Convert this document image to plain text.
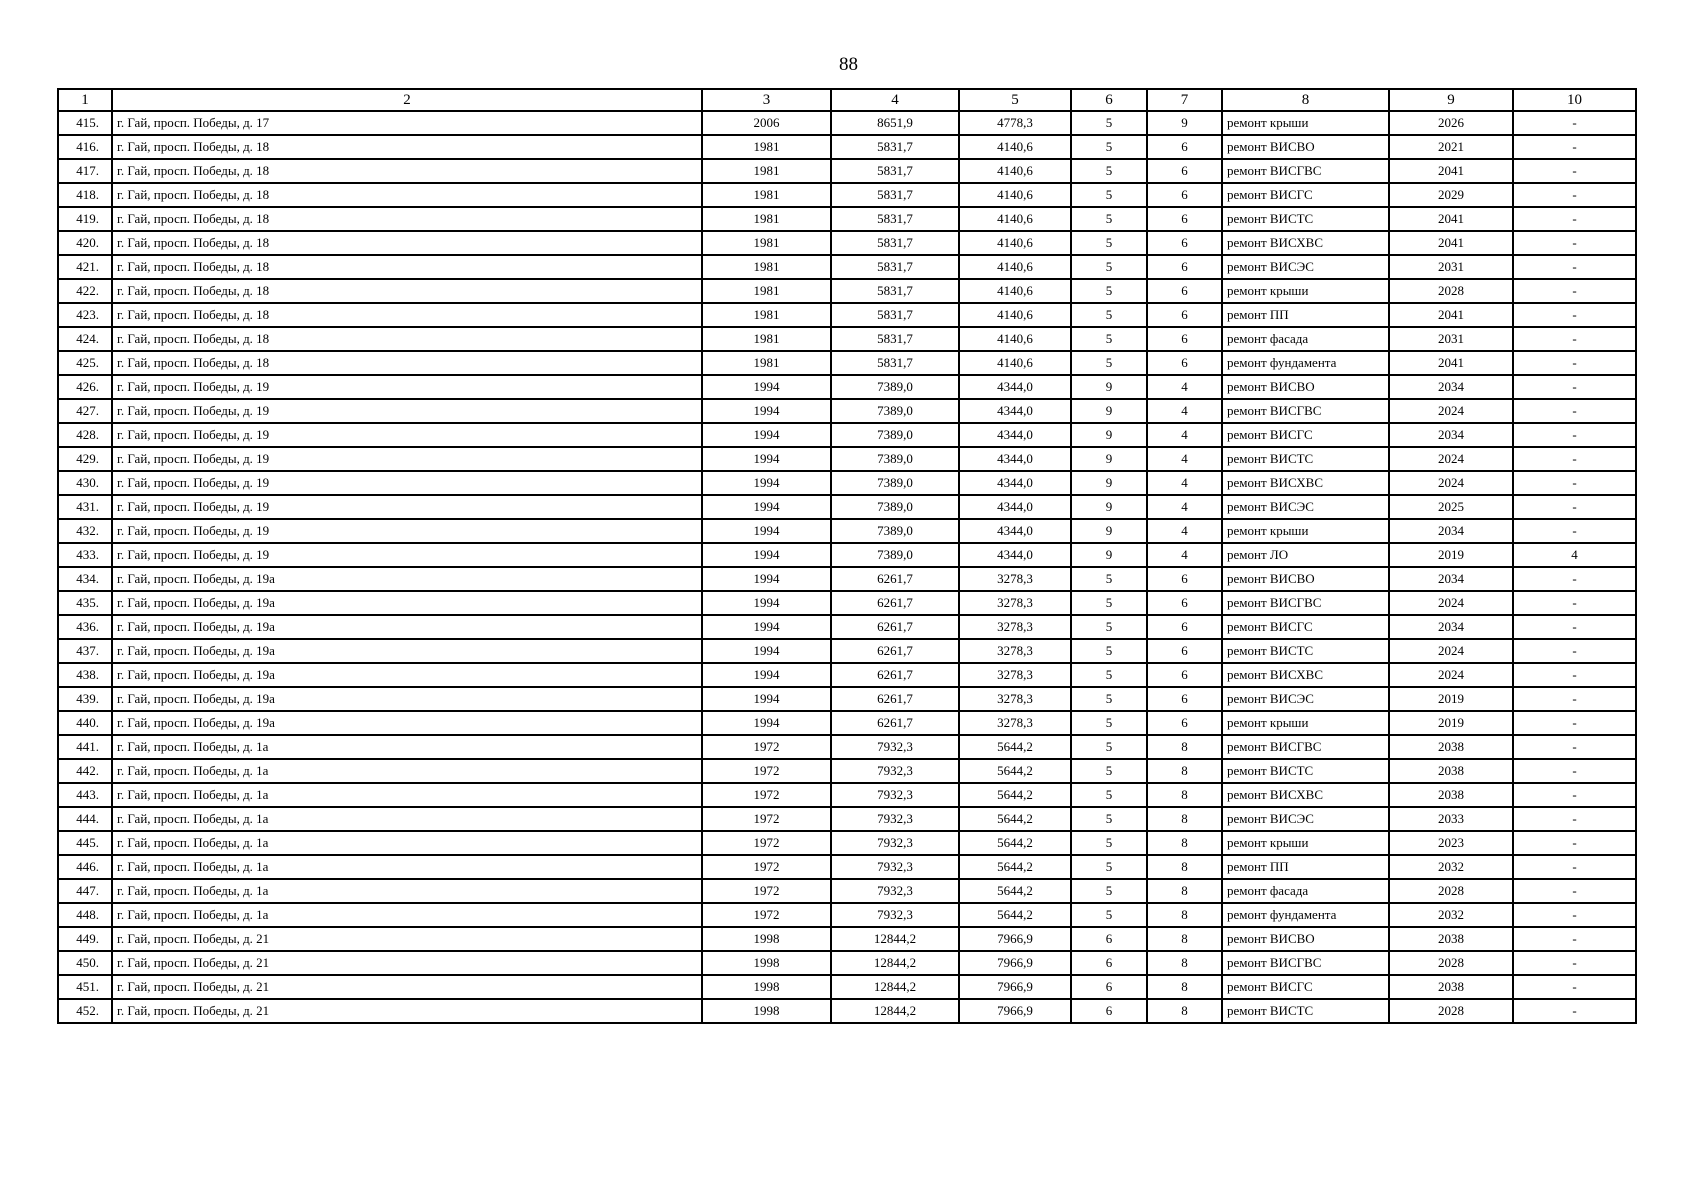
88
1	2	3	4	5	6	7	8	9	10
415.	г. Гай, просп. Победы, д. 17	2006	8651,9	4778,3	5	9	ремонт крыши	2026	-
416.	г. Гай, просп. Победы, д. 18	1981	5831,7	4140,6	5	6	ремонт ВИСВО	2021	-
417.	г. Гай, просп. Победы, д. 18	1981	5831,7	4140,6	5	6	ремонт ВИСГВС	2041	-
418.	г. Гай, просп. Победы, д. 18	1981	5831,7	4140,6	5	6	ремонт ВИСГС	2029	-
419.	г. Гай, просп. Победы, д. 18	1981	5831,7	4140,6	5	6	ремонт ВИСТС	2041	-
420.	г. Гай, просп. Победы, д. 18	1981	5831,7	4140,6	5	6	ремонт ВИСХВС	2041	-
421.	г. Гай, просп. Победы, д. 18	1981	5831,7	4140,6	5	6	ремонт ВИСЭС	2031	-
422.	г. Гай, просп. Победы, д. 18	1981	5831,7	4140,6	5	6	ремонт крыши	2028	-
423.	г. Гай, просп. Победы, д. 18	1981	5831,7	4140,6	5	6	ремонт ПП	2041	-
424.	г. Гай, просп. Победы, д. 18	1981	5831,7	4140,6	5	6	ремонт фасада	2031	-
425.	г. Гай, просп. Победы, д. 18	1981	5831,7	4140,6	5	6	ремонт фундамента	2041	-
426.	г. Гай, просп. Победы, д. 19	1994	7389,0	4344,0	9	4	ремонт ВИСВО	2034	-
427.	г. Гай, просп. Победы, д. 19	1994	7389,0	4344,0	9	4	ремонт ВИСГВС	2024	-
428.	г. Гай, просп. Победы, д. 19	1994	7389,0	4344,0	9	4	ремонт ВИСГС	2034	-
429.	г. Гай, просп. Победы, д. 19	1994	7389,0	4344,0	9	4	ремонт ВИСТС	2024	-
430.	г. Гай, просп. Победы, д. 19	1994	7389,0	4344,0	9	4	ремонт ВИСХВС	2024	-
431.	г. Гай, просп. Победы, д. 19	1994	7389,0	4344,0	9	4	ремонт ВИСЭС	2025	-
432.	г. Гай, просп. Победы, д. 19	1994	7389,0	4344,0	9	4	ремонт крыши	2034	-
433.	г. Гай, просп. Победы, д. 19	1994	7389,0	4344,0	9	4	ремонт ЛО	2019	4
434.	г. Гай, просп. Победы, д. 19а	1994	6261,7	3278,3	5	6	ремонт ВИСВО	2034	-
435.	г. Гай, просп. Победы, д. 19а	1994	6261,7	3278,3	5	6	ремонт ВИСГВС	2024	-
436.	г. Гай, просп. Победы, д. 19а	1994	6261,7	3278,3	5	6	ремонт ВИСГС	2034	-
437.	г. Гай, просп. Победы, д. 19а	1994	6261,7	3278,3	5	6	ремонт ВИСТС	2024	-
438.	г. Гай, просп. Победы, д. 19а	1994	6261,7	3278,3	5	6	ремонт ВИСХВС	2024	-
439.	г. Гай, просп. Победы, д. 19а	1994	6261,7	3278,3	5	6	ремонт ВИСЭС	2019	-
440.	г. Гай, просп. Победы, д. 19а	1994	6261,7	3278,3	5	6	ремонт крыши	2019	-
441.	г. Гай, просп. Победы, д. 1а	1972	7932,3	5644,2	5	8	ремонт ВИСГВС	2038	-
442.	г. Гай, просп. Победы, д. 1а	1972	7932,3	5644,2	5	8	ремонт ВИСТС	2038	-
443.	г. Гай, просп. Победы, д. 1а	1972	7932,3	5644,2	5	8	ремонт ВИСХВС	2038	-
444.	г. Гай, просп. Победы, д. 1а	1972	7932,3	5644,2	5	8	ремонт ВИСЭС	2033	-
445.	г. Гай, просп. Победы, д. 1а	1972	7932,3	5644,2	5	8	ремонт крыши	2023	-
446.	г. Гай, просп. Победы, д. 1а	1972	7932,3	5644,2	5	8	ремонт ПП	2032	-
447.	г. Гай, просп. Победы, д. 1а	1972	7932,3	5644,2	5	8	ремонт фасада	2028	-
448.	г. Гай, просп. Победы, д. 1а	1972	7932,3	5644,2	5	8	ремонт фундамента	2032	-
449.	г. Гай, просп. Победы, д. 21	1998	12844,2	7966,9	6	8	ремонт ВИСВО	2038	-
450.	г. Гай, просп. Победы, д. 21	1998	12844,2	7966,9	6	8	ремонт ВИСГВС	2028	-
451.	г. Гай, просп. Победы, д. 21	1998	12844,2	7966,9	6	8	ремонт ВИСГС	2038	-
452.	г. Гай, просп. Победы, д. 21	1998	12844,2	7966,9	6	8	ремонт ВИСТС	2028	-
